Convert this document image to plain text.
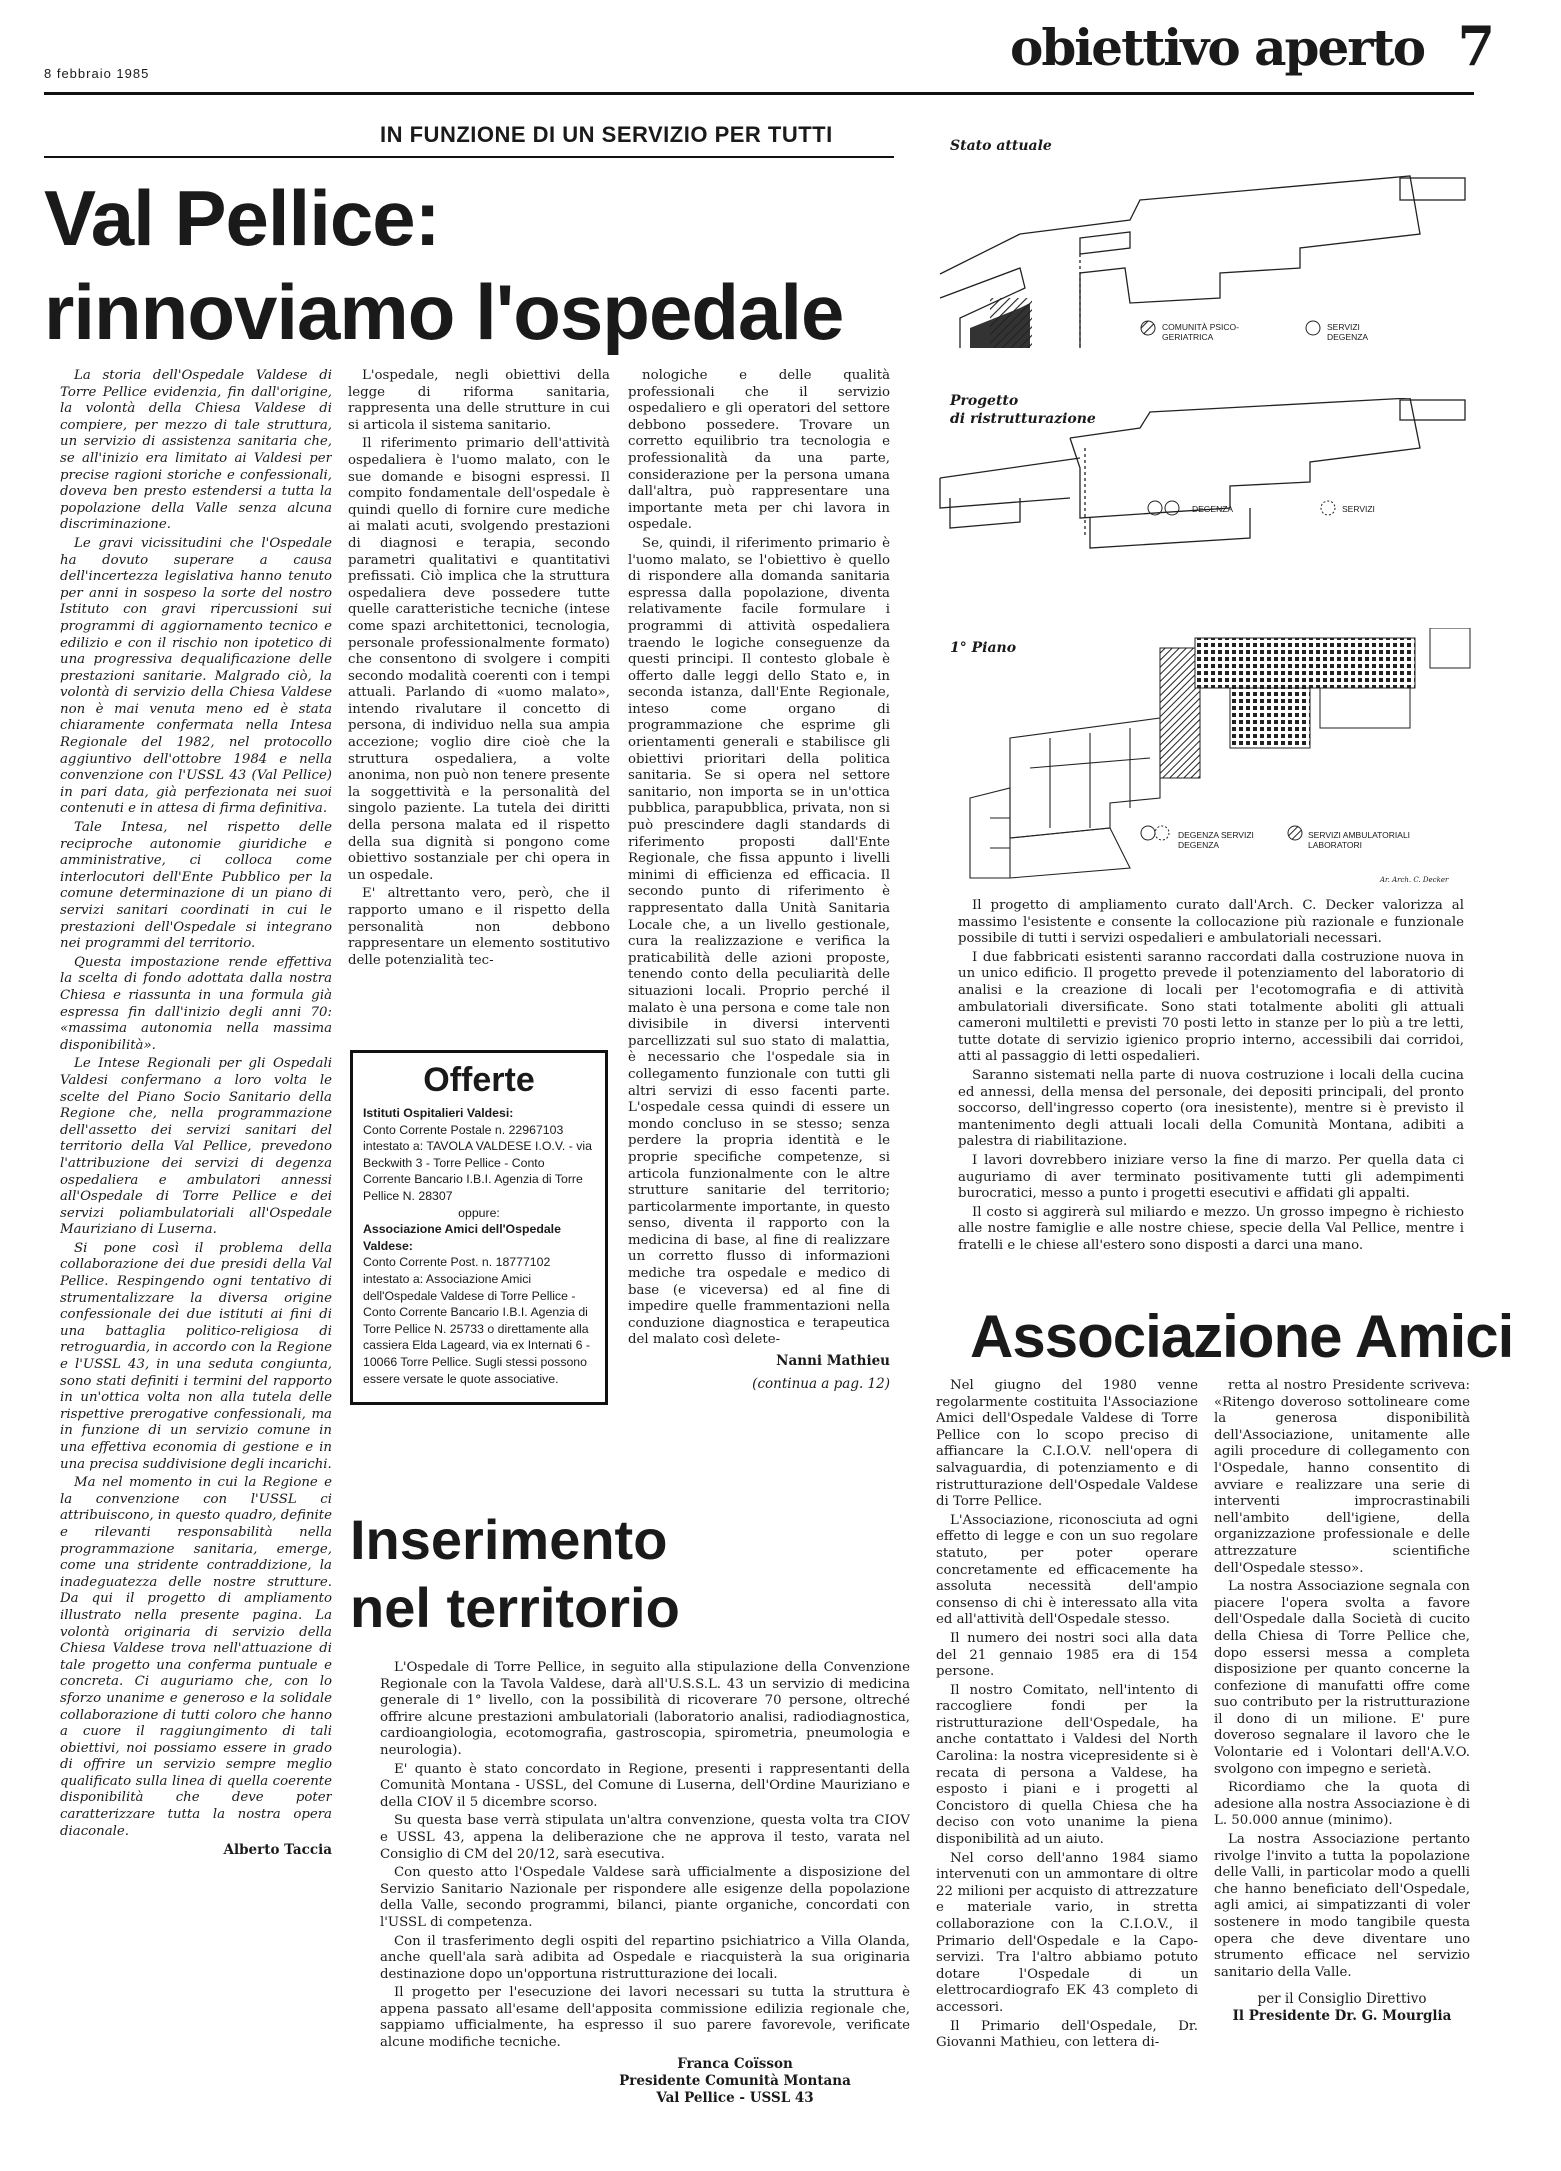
8 febbraio 1985	obiettivo aperto 7
IN FUNZIONE DI UN SERVIZIO PER TUTTI
Val Pellice:
rinnoviamo l'ospedale

La storia dell'Ospedale Valdese di Torre Pellice evidenzia, fin dall'origine, la volontà della Chiesa Valdese di compiere, per mezzo di tale struttura, un servizio di assistenza sanitaria che, se all'inizio era limitato ai Valdesi per precise ragioni storiche e confessionali, doveva ben presto estendersi a tutta la popolazione della Valle senza alcuna discriminazione.

Le gravi vicissitudini che l'Ospedale ha dovuto superare a causa dell'incertezza legislativa hanno tenuto per anni in sospeso la sorte del nostro Istituto con gravi ripercussioni sui programmi di aggiornamento tecnico e edilizio e con il rischio non ipotetico di una progressiva dequalificazione delle prestazioni sanitarie. Malgrado ciò, la volontà di servizio della Chiesa Valdese non è mai venuta meno ed è stata chiaramente confermata nella Intesa Regionale del 1982, nel protocollo aggiuntivo dell'ottobre 1984 e nella convenzione con l'USSL 43 (Val Pellice) in pari data, già perfezionata nei suoi contenuti e in attesa di firma definitiva.

Tale Intesa, nel rispetto delle reciproche autonomie giuridiche e amministrative, ci colloca come interlocutori dell'Ente Pubblico per la comune determinazione di un piano di servizi sanitari coordinati in cui le prestazioni dell'Ospedale si integrano nei programmi del territorio.

Questa impostazione rende effettiva la scelta di fondo adottata dalla nostra Chiesa e riassunta in una formula già espressa fin dall'inizio degli anni 70: «massima autonomia nella massima disponibilità».

Le Intese Regionali per gli Ospedali Valdesi confermano a loro volta le scelte del Piano Socio Sanitario della Regione che, nella programmazione dell'assetto dei servizi sanitari del territorio della Val Pellice, prevedono l'attribuzione dei servizi di degenza ospedaliera e ambulatori annessi all'Ospedale di Torre Pellice e dei servizi poliambulatoriali all'Ospedale Mauriziano di Luserna.

Si pone così il problema della collaborazione dei due presidi della Val Pellice. Respingendo ogni tentativo di strumentalizzare la diversa origine confessionale dei due istituti ai fini di una battaglia politico-religiosa di retroguardia, in accordo con la Regione e l'USSL 43, in una seduta congiunta, sono stati definiti i termini del rapporto in un'ottica volta non alla tutela delle rispettive prerogative confessionali, ma in funzione di un servizio comune in una effettiva economia di gestione e in una precisa suddivisione degli incarichi.

Ma nel momento in cui la Regione e la convenzione con l'USSL ci attribuiscono, in questo quadro, definite e rilevanti responsabilità nella programmazione sanitaria, emerge, come una stridente contraddizione, la inadeguatezza delle nostre strutture. Da qui il progetto di ampliamento illustrato nella presente pagina. La volontà originaria di servizio della Chiesa Valdese trova nell'attuazione di tale progetto una conferma puntuale e concreta. Ci auguriamo che, con lo sforzo unanime e generoso e la solidale collaborazione di tutti coloro che hanno a cuore il raggiungimento di tali obiettivi, noi possiamo essere in grado di offrire un servizio sempre meglio qualificato sulla linea di quella coerente disponibilità che deve poter caratterizzare tutta la nostra opera diaconale.

Alberto Taccia

L'ospedale, negli obiettivi della legge di riforma sanitaria, rappresenta una delle strutture in cui si articola il sistema sanitario.

Il riferimento primario dell'attività ospedaliera è l'uomo malato, con le sue domande e bisogni espressi. Il compito fondamentale dell'ospedale è quindi quello di fornire cure mediche ai malati acuti, svolgendo prestazioni di diagnosi e terapia, secondo parametri qualitativi e quantitativi prefissati. Ciò implica che la struttura ospedaliera deve possedere tutte quelle caratteristiche tecniche (intese come spazi architettonici, tecnologia, personale professionalmente formato) che consentono di svolgere i compiti secondo modalità coerenti con i tempi attuali. Parlando di «uomo malato», intendo rivalutare il concetto di persona, di individuo nella sua ampia accezione; voglio dire cioè che la struttura ospedaliera, a volte anonima, non può non tenere presente la soggettività e la personalità del singolo paziente. La tutela dei diritti della persona malata ed il rispetto della sua dignità si pongono come obiettivo sostanziale per chi opera in un ospedale.

E' altrettanto vero, però, che il rapporto umano e il rispetto della personalità non debbono rappresentare un elemento sostitutivo delle potenzialità tec-

nologiche e delle qualità professionali che il servizio ospedaliero e gli operatori del settore debbono possedere. Trovare un corretto equilibrio tra tecnologia e professionalità da una parte, considerazione per la persona umana dall'altra, può rappresentare una importante meta per chi lavora in ospedale.

Se, quindi, il riferimento primario è l'uomo malato, se l'obiettivo è quello di rispondere alla domanda sanitaria espressa dalla popolazione, diventa relativamente facile formulare i programmi di attività ospedaliera traendo le logiche conseguenze da questi principi. Il contesto globale è offerto dalle leggi dello Stato e, in seconda istanza, dall'Ente Regionale, inteso come organo di programmazione che esprime gli orientamenti generali e stabilisce gli obiettivi prioritari della politica sanitaria. Se si opera nel settore sanitario, non importa se in un'ottica pubblica, parapubblica, privata, non si può prescindere dagli standards di riferimento proposti dall'Ente Regionale, che fissa appunto i livelli minimi di efficienza ed efficacia. Il secondo punto di riferimento è rappresentato dalla Unità Sanitaria Locale che, a un livello gestionale, cura la realizzazione e verifica la praticabilità delle azioni proposte, tenendo conto della peculiarità delle situazioni locali. Proprio perché il malato è una persona e come tale non divisibile in diversi interventi parcellizzati sul suo stato di malattia, è necessario che l'ospedale sia in collegamento funzionale con tutti gli altri servizi di esso facenti parte. L'ospedale cessa quindi di essere un mondo concluso in se stesso; senza perdere la propria identità e le proprie specifiche competenze, si articola funzionalmente con le altre strutture sanitarie del territorio; particolarmente importante, in questo senso, diventa il rapporto con la medicina di base, al fine di realizzare un corretto flusso di informazioni mediche tra ospedale e medico di base (e viceversa) ed al fine di impedire quelle frammentazioni nella conduzione diagnostica e terapeutica del malato così deletе-

Nanni Mathieu
(continua a pag. 12)
Offerte
Istituti Ospitalieri Valdesi:
Conto Corrente Postale n. 22967103 intestato a: TAVOLA VALDESE I.O.V. - via Beckwith 3 - Torre Pellice - Conto Corrente Bancario I.B.I. Agenzia di Torre Pellice N. 28307
oppure:
Associazione Amici dell'Ospedale Valdese:
Conto Corrente Post. n. 18777102 intestato a: Associazione Amici dell'Ospedale Valdese di Torre Pellice - Conto Corrente Bancario I.B.I. Agenzia di Torre Pellice N. 25733 o direttamente alla cassiera Elda Lageard, via ex Internati 6 - 10066 Torre Pellice. Sugli stessi possono essere versate le quote associative.
Stato attuale
COMUNITÀ PSICO-GERIATRICA
SERVIZI DEGENZA
Progetto
di ristrutturazione
DEGENZA	SERVIZI
1° Piano
DEGENZA SERVIZI DEGENZA
SERVIZI AMBULATORIALI LABORATORI
Ar. Arch. C. Decker

Il progetto di ampliamento curato dall'Arch. C. Decker valorizza al massimo l'esistente e consente la collocazione più razionale e funzionale possibile di tutti i servizi ospedalieri e ambulatoriali necessari.

I due fabbricati esistenti saranno raccordati dalla costruzione nuova in un unico edificio. Il progetto prevede il potenziamento del laboratorio di analisi e la creazione di locali per l'ecotomografia e di attività ambulatoriali diversificate. Sono stati totalmente aboliti gli attuali cameroni multiletti e previsti 70 posti letto in stanze per lo più a tre letti, tutte dotate di servizio igienico proprio interno, accessibili dai corridoi, atti al passaggio di letti ospedalieri.

Saranno sistemati nella parte di nuova costruzione i locali della cucina ed annessi, della mensa del personale, dei depositi principali, del pronto soccorso, dell'ingresso coperto (ora inesistente), mentre si è previsto il mantenimento degli attuali locali della Comunità Montana, adibiti a palestra di riabilitazione.

I lavori dovrebbero iniziare verso la fine di marzo. Per quella data ci auguriamo di aver terminato positivamente tutti gli adempimenti burocratici, messo a punto i progetti esecutivi e affidati gli appalti.

Il costo si aggirerà sul miliardo e mezzo. Un grosso impegno è richiesto alle nostre famiglie e alle nostre chiese, specie della Val Pellice, mentre i fratelli e le chiese all'estero sono disposti a darci una mano.

Inserimento
nel territorio

L'Ospedale di Torre Pellice, in seguito alla stipulazione della Convenzione Regionale con la Tavola Valdese, darà all'U.S.S.L. 43 un servizio di medicina generale di 1° livello, con la possibilità di ricoverare 70 persone, oltreché offrire alcune prestazioni ambulatoriali (laboratorio analisi, radiodiagnostica, cardioangiologia, ecotomografia, gastroscopia, spirometria, pneumologia e neurologia).

E' quanto è stato concordato in Regione, presenti i rappresentanti della Comunità Montana - USSL, del Comune di Luserna, dell'Ordine Mauriziano e della CIOV il 5 dicembre scorso.

Su questa base verrà stipulata un'altra convenzione, questa volta tra CIOV e USSL 43, appena la deliberazione che ne approva il testo, varata nel Consiglio di CM del 20/12, sarà esecutiva.

Con questo atto l'Ospedale Valdese sarà ufficialmente a disposizione del Servizio Sanitario Nazionale per rispondere alle esigenze della popolazione della Valle, secondo programmi, bilanci, piante organiche, concordati con l'USSL di competenza.

Con il trasferimento degli ospiti del repartino psichiatrico a Villa Olanda, anche quell'ala sarà adibita ad Ospedale e riacquisterà la sua originaria destinazione dopo un'opportuna ristrutturazione dei locali.

Il progetto per l'esecuzione dei lavori necessari su tutta la struttura è appena passato all'esame dell'apposita commissione edilizia regionale che, sappiamo ufficialmente, ha espresso il suo parere favorevole, verificate alcune modifiche tecniche.

Franca Coïsson
Presidente Comunità Montana
Val Pellice - USSL 43
Associazione Amici

Nel giugno del 1980 venne regolarmente costituita l'Associazione Amici dell'Ospedale Valdese di Torre Pellice con lo scopo preciso di affiancare la C.I.O.V. nell'opera di salvaguardia, di potenziamento e di ristrutturazione dell'Ospedale Valdese di Torre Pellice.

L'Associazione, riconosciuta ad ogni effetto di legge e con un suo regolare statuto, per poter operare concretamente ed efficacemente ha assoluta necessità dell'ampio consenso di chi è interessato alla vita ed all'attività dell'Ospedale stesso.

Il numero dei nostri soci alla data del 21 gennaio 1985 era di 154 persone.

Il nostro Comitato, nell'intento di raccogliere fondi per la ristrutturazione dell'Ospedale, ha anche contattato i Valdesi del North Carolina: la nostra vicepresidente si è recata di persona a Valdese, ha esposto i piani e i progetti al Concistoro di quella Chiesa che ha deciso con voto unanime la piena disponibilità ad un aiuto.

Nel corso dell'anno 1984 siamo intervenuti con un ammontare di oltre 22 milioni per acquisto di attrezzature e materiale vario, in stretta collaborazione con la C.I.O.V., il Primario dell'Ospedale e la Capo-servizi. Tra l'altro abbiamo potuto dotare l'Ospedale di un elettrocardiografo EK 43 completo di accessori.

Il Primario dell'Ospedale, Dr. Giovanni Mathieu, con lettera di-

retta al nostro Presidente scriveva: «Ritengo doveroso sottolineare come la generosa disponibilità dell'Associazione, unitamente alle agili procedure di collegamento con l'Ospedale, hanno consentito di avviare e realizzare una serie di interventi improcrastinabili nell'ambito dell'igiene, della organizzazione professionale e delle attrezzature scientifiche dell'Ospedale stesso».

La nostra Associazione segnala con piacere l'opera svolta a favore dell'Ospedale dalla Società di cucito della Chiesa di Torre Pellice che, dopo essersi messa a completa disposizione per quanto concerne la confezione di manufatti offre come suo contributo per la ristrutturazione il dono di un milione. E' pure doveroso segnalare il lavoro che le Volontarie ed i Volontari dell'A.V.O. svolgono con impegno e serietà.

Ricordiamo che la quota di adesione alla nostra Associazione è di L. 50.000 annue (minimo).

La nostra Associazione pertanto rivolge l'invito a tutta la popolazione delle Valli, in particolar modo a quelli che hanno beneficiato dell'Ospedale, agli amici, ai simpatizzanti di voler sostenere in modo tangibile questa opera che deve diventare uno strumento efficace nel servizio sanitario della Valle.

per il Consiglio Direttivo
Il Presidente Dr. G. Mourglia
